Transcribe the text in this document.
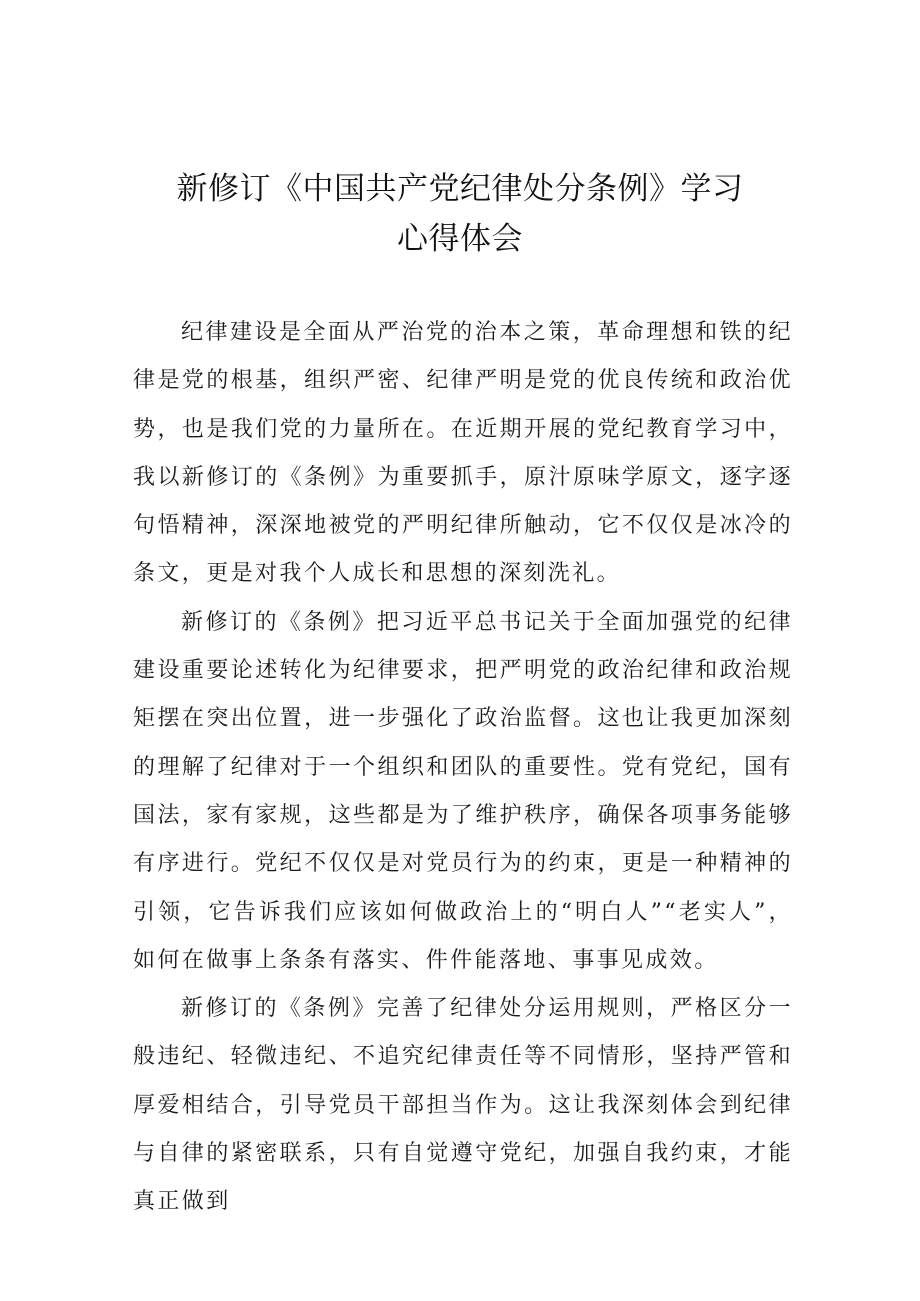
新修订《中国共产党纪律处分条例》学习
心得体会

纪律建设是全面从严治党的治本之策，革命理想和铁的纪律是党的根基，组织严密、纪律严明是党的优良传统和政治优势，也是我们党的力量所在。在近期开展的党纪教育学习中，我以新修订的《条例》为重要抓手，原汁原味学原文，逐字逐句悟精神，深深地被党的严明纪律所触动，它不仅仅是冰冷的条文，更是对我个人成长和思想的深刻洗礼。

新修订的《条例》把习近平总书记关于全面加强党的纪律建设重要论述转化为纪律要求，把严明党的政治纪律和政治规矩摆在突出位置，进一步强化了政治监督。这也让我更加深刻的理解了纪律对于一个组织和团队的重要性。党有党纪，国有国法，家有家规，这些都是为了维护秩序，确保各项事务能够有序进行。党纪不仅仅是对党员行为的约束，更是一种精神的引领，它告诉我们应该如何做政治上的“明白人”“老实人”，如何在做事上条条有落实、件件能落地、事事见成效。

新修订的《条例》完善了纪律处分运用规则，严格区分一般违纪、轻微违纪、不追究纪律责任等不同情形，坚持严管和厚爱相结合，引导党员干部担当作为。这让我深刻体会到纪律与自律的紧密联系，只有自觉遵守党纪，加强自我约束，才能真正做到
